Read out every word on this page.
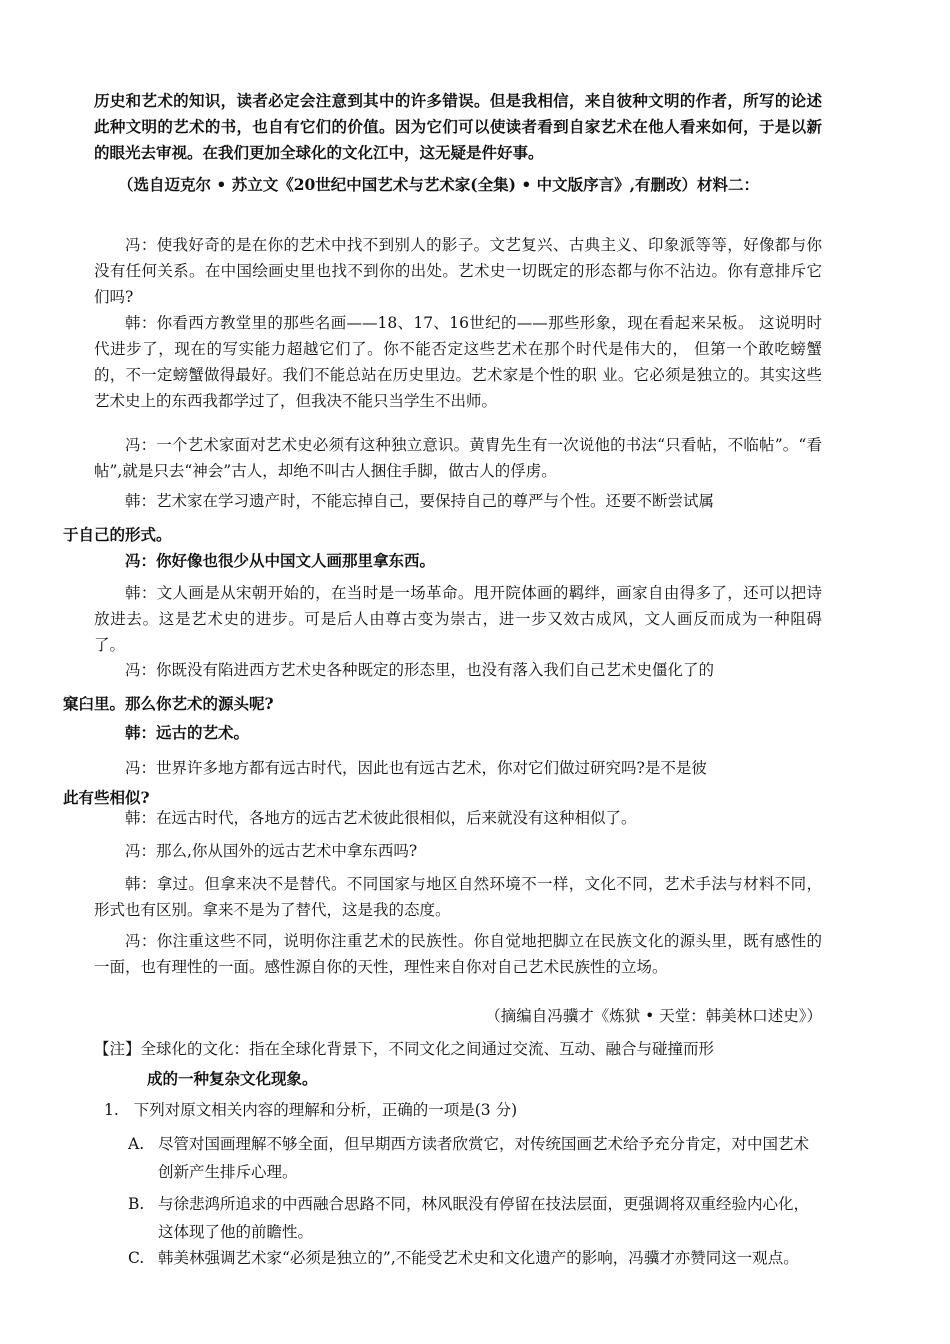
历史和艺术的知识，读者必定会注意到其中的许多错误。但是我相信，来自彼种文明的作者，所写的论述此种文明的艺术的书，也自有它们的价值。因为它们可以使读者看到自家艺术在他人看来如何，于是以新的眼光去审视。在我们更加全球化的文化江中，这无疑是件好事。

（选自迈克尔 • 苏立文《20世纪中国艺术与艺术家(全集) • 中文版序言》,有删改）材料二：

冯：使我好奇的是在你的艺术中找不到别人的影子。文艺复兴、古典主义、印象派等等，好像都与你没有任何关系。在中国绘画史里也找不到你的出处。艺术史一切既定的形态都与你不沾边。你有意排斥它们吗?

韩：你看西方教堂里的那些名画——18、17、16世纪的——那些形象，现在看起来呆板。 这说明时代进步了，现在的写实能力超越它们了。你不能否定这些艺术在那个时代是伟大的， 但第一个敢吃螃蟹的，不一定螃蟹做得最好。我们不能总站在历史里边。艺术家是个性的职 业。它必须是独立的。其实这些艺术史上的东西我都学过了，但我决不能只当学生不出师。

冯：一个艺术家面对艺术史必须有这种独立意识。黄胄先生有一次说他的书法“只看帖，不临帖”。“看帖”,就是只去“神会”古人，却绝不叫古人捆住手脚，做古人的俘虏。

韩：艺术家在学习遗产时，不能忘掉自己，要保持自己的尊严与个性。还要不断尝试属
于自己的形式。

冯：你好像也很少从中国文人画那里拿东西。

韩：文人画是从宋朝开始的，在当时是一场革命。甩开院体画的羁绊，画家自由得多了，还可以把诗放进去。这是艺术史的进步。可是后人由尊古变为崇古，进一步又效古成风，文人画反而成为一种阻碍了。

冯：你既没有陷进西方艺术史各种既定的形态里，也没有落入我们自己艺术史僵化了的
窠臼里。那么你艺术的源头呢?

韩：远古的艺术。

冯：世界许多地方都有远古时代，因此也有远古艺术，你对它们做过研究吗?是不是彼
此有些相似?

韩：在远古时代，各地方的远古艺术彼此很相似，后来就没有这种相似了。

冯：那么,你从国外的远古艺术中拿东西吗?

韩：拿过。但拿来决不是替代。不同国家与地区自然环境不一样，文化不同，艺术手法与材料不同，形式也有区别。拿来不是为了替代，这是我的态度。

冯：你注重这些不同，说明你注重艺术的民族性。你自觉地把脚立在民族文化的源头里，既有感性的一面，也有理性的一面。感性源自你的天性，理性来自你对自己艺术民族性的立场。

（摘编自冯骥才《炼狱 • 天堂：韩美林口述史》）
【注】全球化的文化：指在全球化背景下，不同文化之间通过交流、互动、融合与碰撞而形
成的一种复杂文化现象。
1. 下列对原文相关内容的理解和分析，正确的一项是(3 分)
A. 尽管对国画理解不够全面，但早期西方读者欣赏它，对传统国画艺术给予充分肯定，对中国艺术创新产生排斥心理。
B. 与徐悲鸿所追求的中西融合思路不同，林风眠没有停留在技法层面，更强调将双重经验内心化，这体现了他的前瞻性。
C. 韩美林强调艺术家“必须是独立的”,不能受艺术史和文化遗产的影响，冯骥才亦赞同这一观点。
